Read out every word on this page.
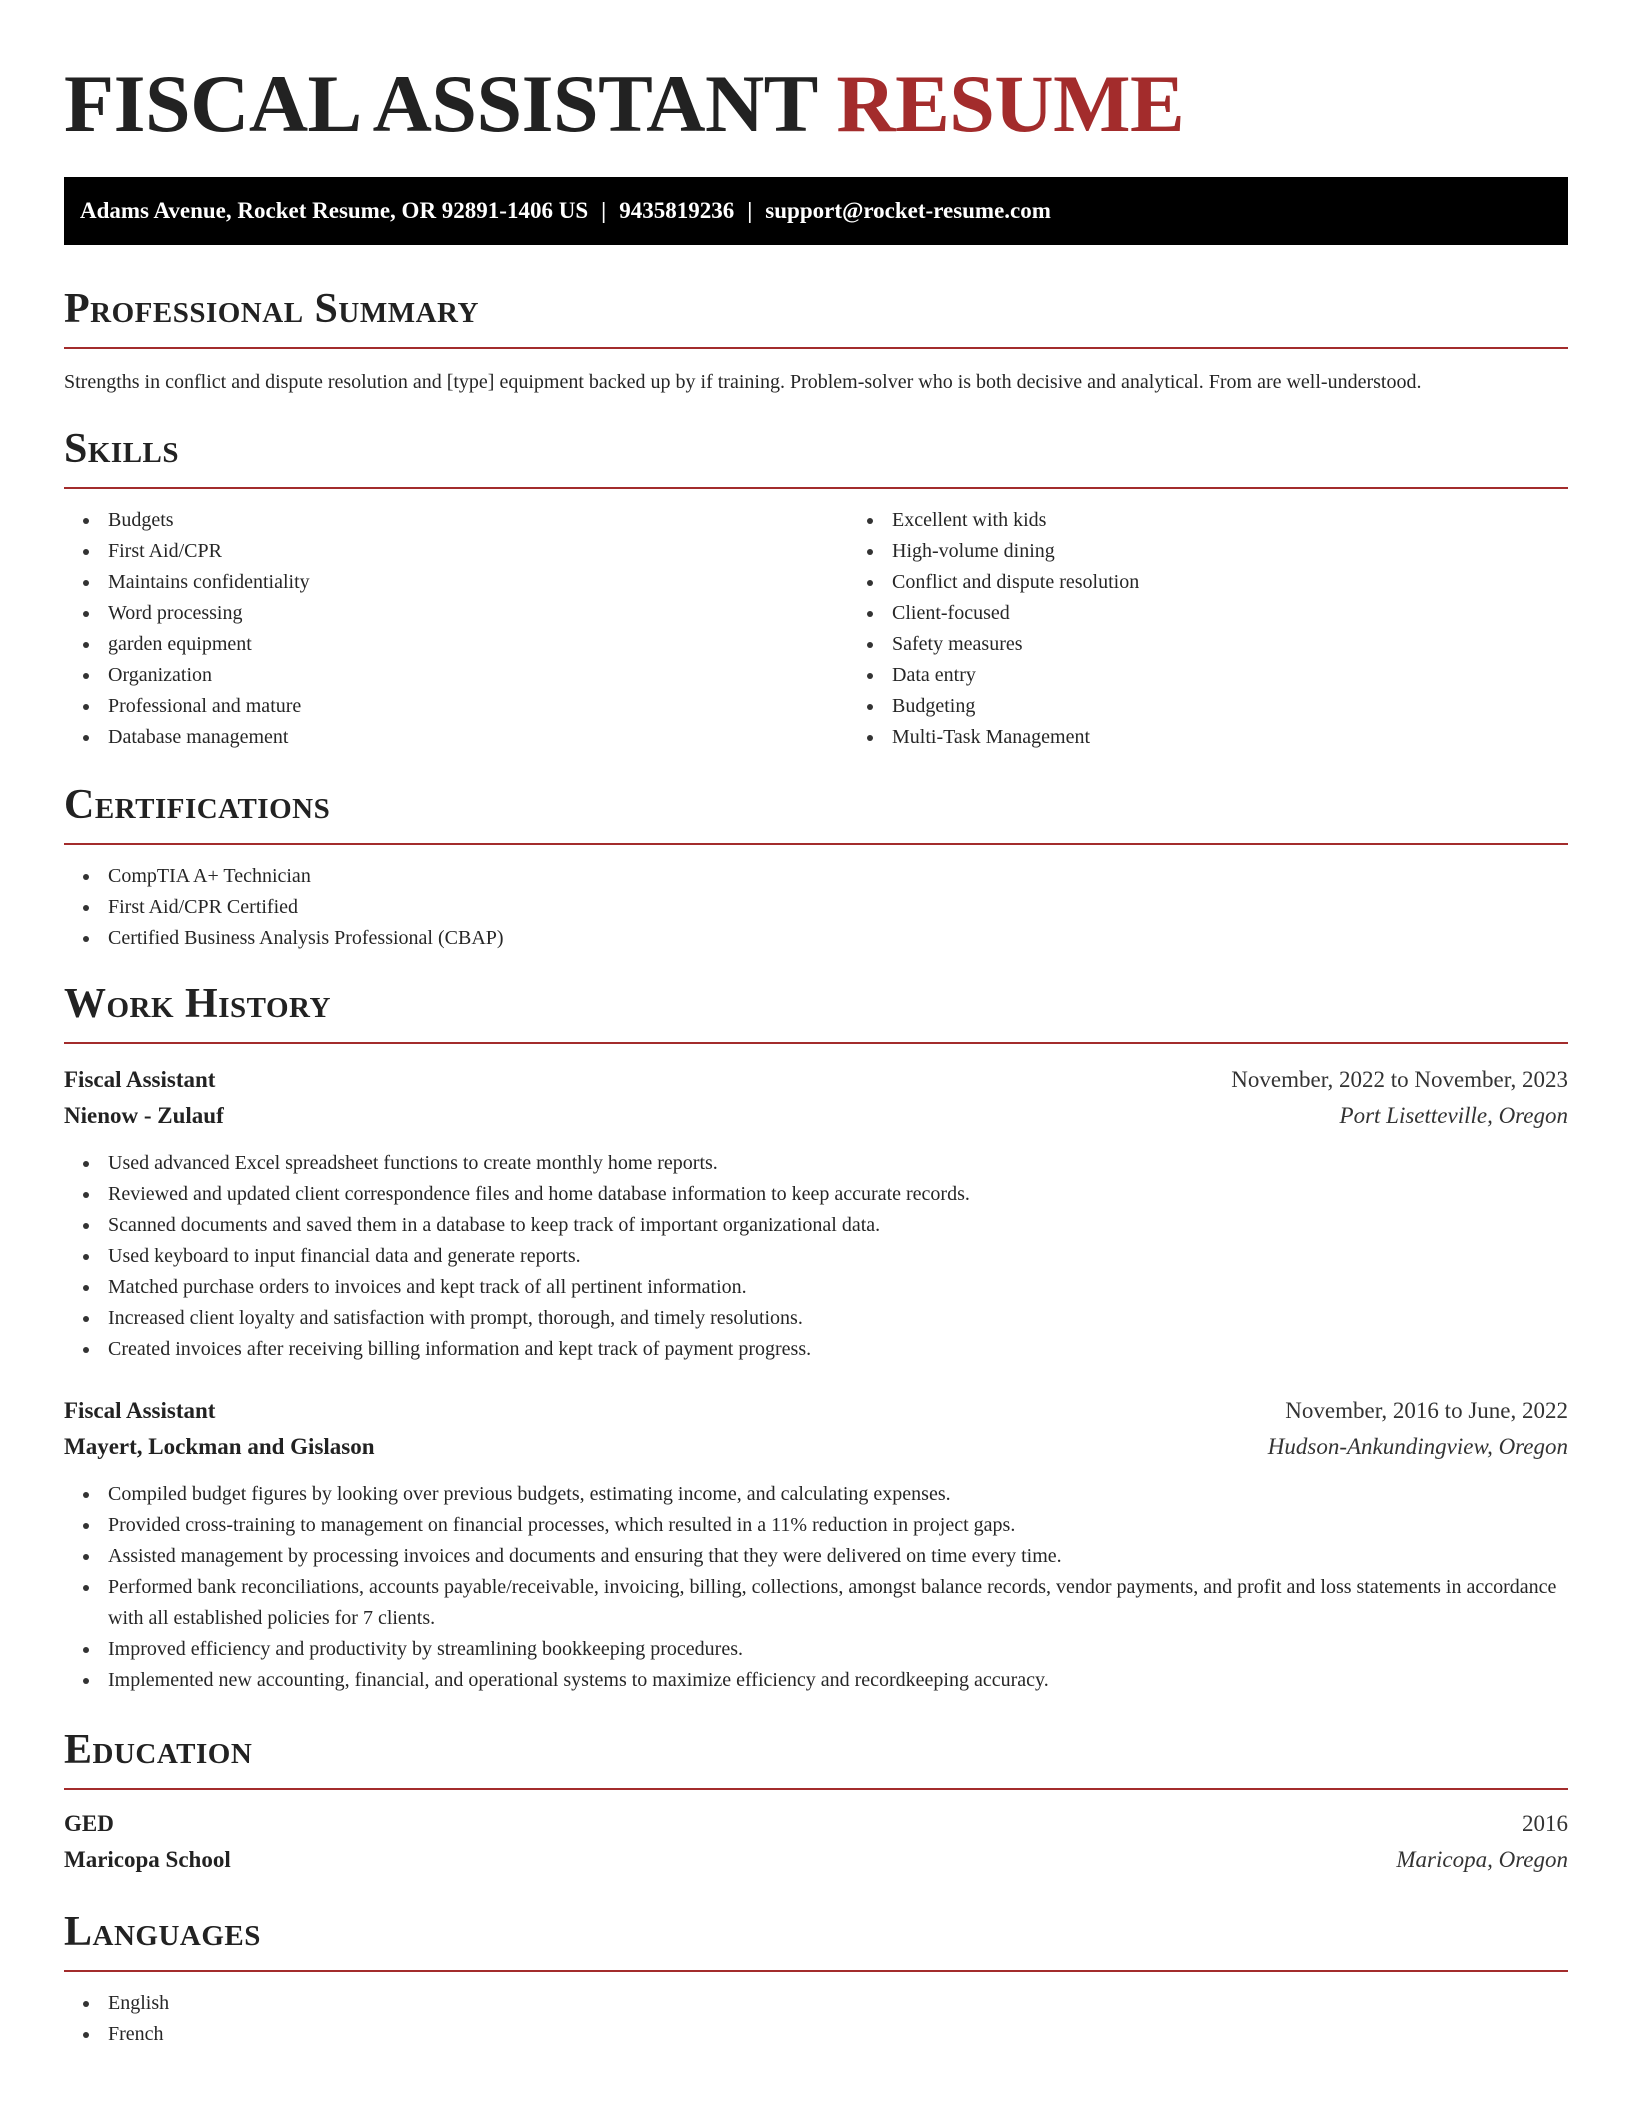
FISCAL ASSISTANT RESUME
Adams Avenue, Rocket Resume, OR 92891-1406 US | 9435819236 | support@rocket-resume.com
Professional Summary

Strengths in conflict and dispute resolution and [type] equipment backed up by if training. Problem-solver who is both decisive and analytical. From are well-understood.

Skills
Budgets
First Aid/CPR
Maintains confidentiality
Word processing
garden equipment
Organization
Professional and mature
Database management
Excellent with kids
High-volume dining
Conflict and dispute resolution
Client-focused
Safety measures
Data entry
Budgeting
Multi-Task Management
Certifications
CompTIA A+ Technician
First Aid/CPR Certified
Certified Business Analysis Professional (CBAP)
Work History
Fiscal Assistant	November, 2022 to November, 2023
Nienow - Zulauf	Port Lisetteville, Oregon
Used advanced Excel spreadsheet functions to create monthly home reports.
Reviewed and updated client correspondence files and home database information to keep accurate records.
Scanned documents and saved them in a database to keep track of important organizational data.
Used keyboard to input financial data and generate reports.
Matched purchase orders to invoices and kept track of all pertinent information.
Increased client loyalty and satisfaction with prompt, thorough, and timely resolutions.
Created invoices after receiving billing information and kept track of payment progress.
Fiscal Assistant	November, 2016 to June, 2022
Mayert, Lockman and Gislason	Hudson-Ankundingview, Oregon
Compiled budget figures by looking over previous budgets, estimating income, and calculating expenses.
Provided cross-training to management on financial processes, which resulted in a 11% reduction in project gaps.
Assisted management by processing invoices and documents and ensuring that they were delivered on time every time.
Performed bank reconciliations, accounts payable/receivable, invoicing, billing, collections, amongst balance records, vendor payments, and profit and loss statements in accordance with all established policies for 7 clients.
Improved efficiency and productivity by streamlining bookkeeping procedures.
Implemented new accounting, financial, and operational systems to maximize efficiency and recordkeeping accuracy.
Education
GED	2016
Maricopa School	Maricopa, Oregon
Languages
English
French
